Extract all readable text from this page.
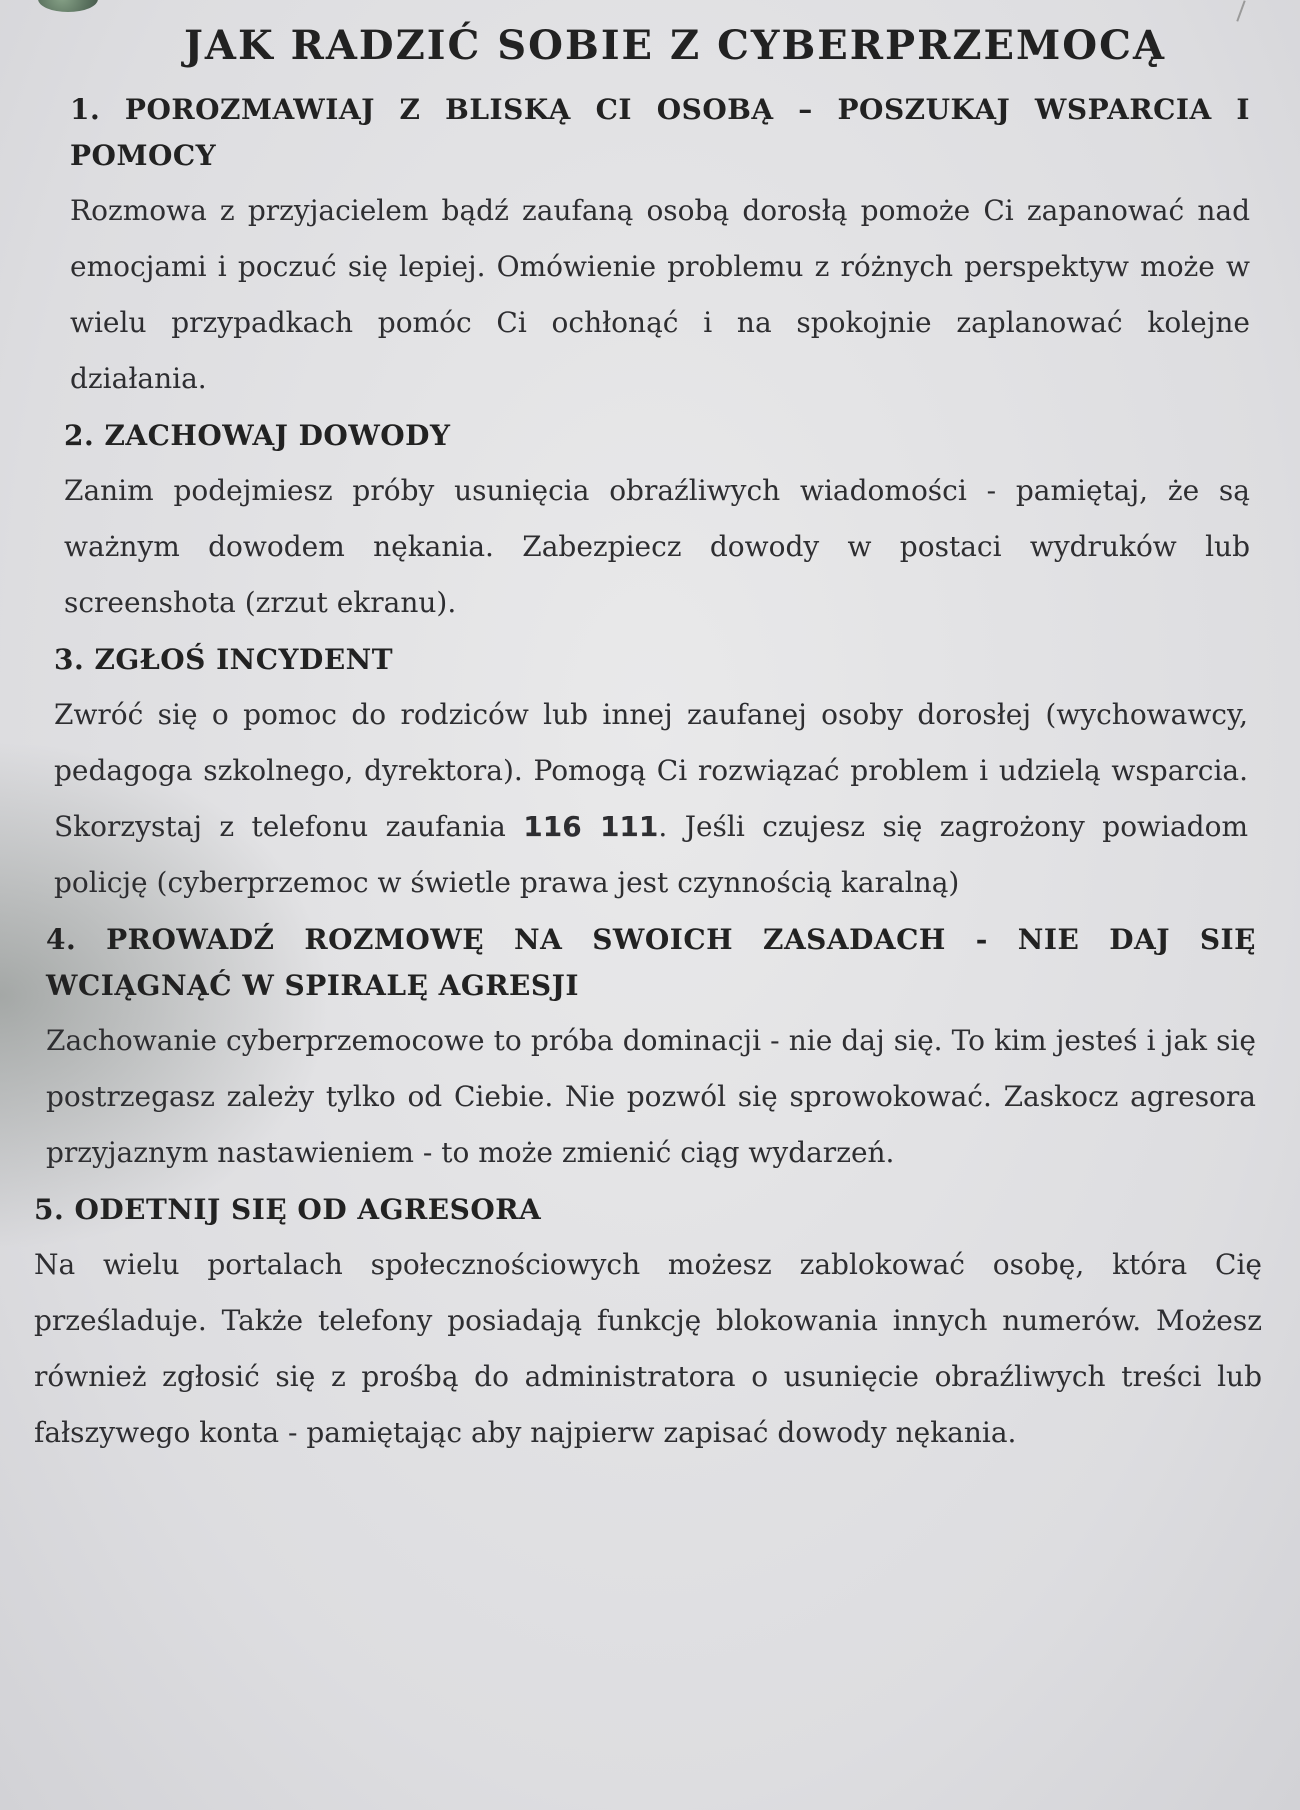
JAK RADZIĆ SOBIE Z CYBERPRZEMOCĄ
1. POROZMAWIAJ Z BLISKĄ CI OSOBĄ – POSZUKAJ WSPARCIA I POMOCY

Rozmowa z przyjacielem bądź zaufaną osobą dorosłą pomoże Ci zapanować nad emocjami i poczuć się lepiej. Omówienie problemu z różnych perspektyw może w wielu przypadkach pomóc Ci ochłonąć i na spokojnie zaplanować kolejne działania.

2. ZACHOWAJ DOWODY

Zanim podejmiesz próby usunięcia obraźliwych wiadomości - pamiętaj, że są ważnym dowodem nękania. Zabezpiecz dowody w postaci wydruków lub screenshota (zrzut ekranu).

3. ZGŁOŚ INCYDENT

Zwróć się o pomoc do rodziców lub innej zaufanej osoby dorosłej (wychowawcy, pedagoga szkolnego, dyrektora). Pomogą Ci rozwiązać problem i udzielą wsparcia. Skorzystaj z telefonu zaufania 116 111. Jeśli czujesz się zagrożony powiadom policję (cyberprzemoc w świetle prawa jest czynnością karalną)

4. PROWADŹ ROZMOWĘ NA SWOICH ZASADACH - NIE DAJ SIĘ WCIĄGNĄĆ W SPIRALĘ AGRESJI

Zachowanie cyberprzemocowe to próba dominacji - nie daj się. To kim jesteś i jak się postrzegasz zależy tylko od Ciebie. Nie pozwól się sprowokować. Zaskocz agresora przyjaznym nastawieniem - to może zmienić ciąg wydarzeń.

5. ODETNIJ SIĘ OD AGRESORA

Na wielu portalach społecznościowych możesz zablokować osobę, która Cię prześladuje. Także telefony posiadają funkcję blokowania innych numerów. Możesz również zgłosić się z prośbą do administratora o usunięcie obraźliwych treści lub fałszywego konta - pamiętając aby najpierw zapisać dowody nękania.
